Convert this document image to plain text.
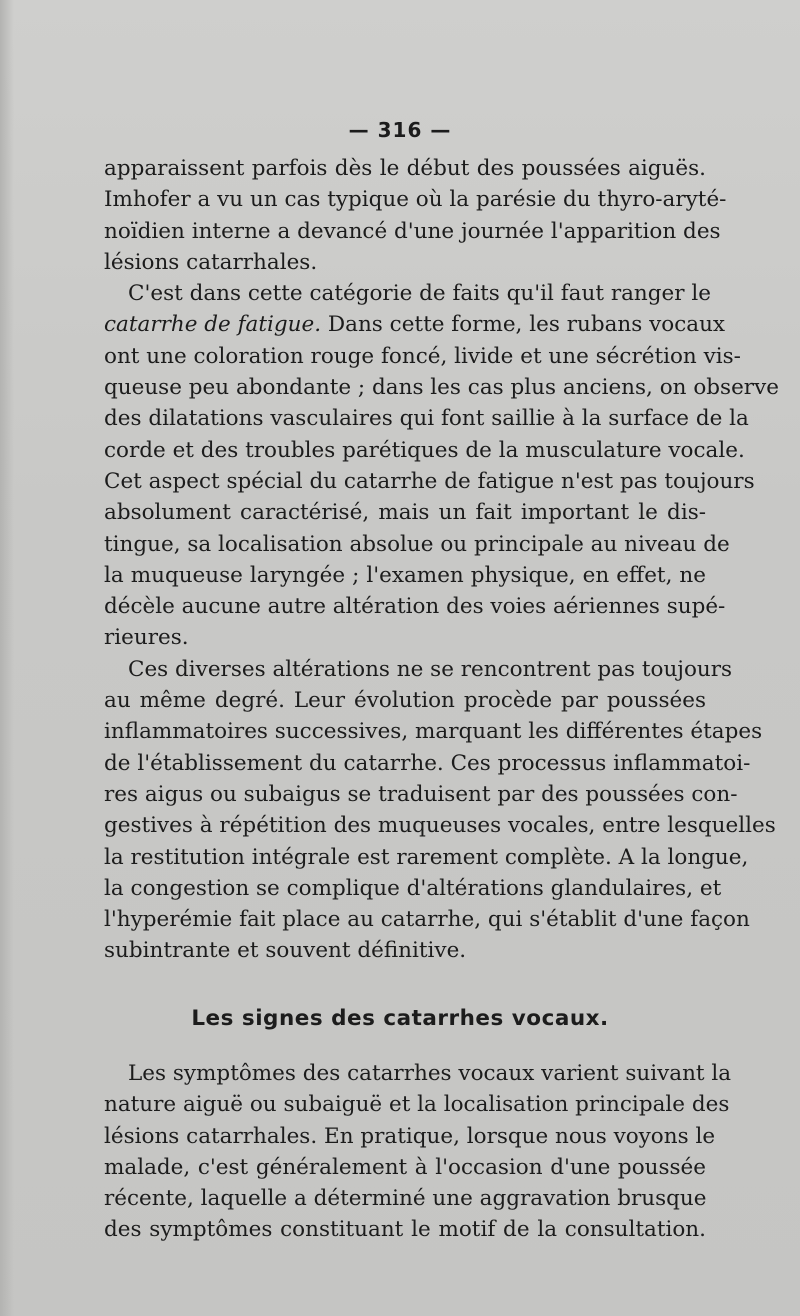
— 316 —

apparaissent parfois dès le début des poussées aiguës.
Imhofer a vu un cas typique où la parésie du thyro-aryté-
noïdien interne a devancé d'une journée l'apparition des
lésions catarrhales.

C'est dans cette catégorie de faits qu'il faut ranger le
catarrhe de fatigue. Dans cette forme, les rubans vocaux
ont une coloration rouge foncé, livide et une sécrétion vis-
queuse peu abondante ; dans les cas plus anciens, on observe
des dilatations vasculaires qui font saillie à la surface de la
corde et des troubles parétiques de la musculature vocale.
Cet aspect spécial du catarrhe de fatigue n'est pas toujours
absolument caractérisé, mais un fait important le dis-
tingue, sa localisation absolue ou principale au niveau de
la muqueuse laryngée ; l'examen physique, en effet, ne
décèle aucune autre altération des voies aériennes supé-
rieures.

Ces diverses altérations ne se rencontrent pas toujours
au même degré. Leur évolution procède par poussées
inflammatoires successives, marquant les différentes étapes
de l'établissement du catarrhe. Ces processus inflammatoi-
res aigus ou subaigus se traduisent par des poussées con-
gestives à répétition des muqueuses vocales, entre lesquelles
la restitution intégrale est rarement complète. A la longue,
la congestion se complique d'altérations glandulaires, et
l'hyperémie fait place au catarrhe, qui s'établit d'une façon
subintrante et souvent définitive.

Les signes des catarrhes vocaux.

Les symptômes des catarrhes vocaux varient suivant la
nature aiguë ou subaiguë et la localisation principale des
lésions catarrhales. En pratique, lorsque nous voyons le
malade, c'est généralement à l'occasion d'une poussée
récente, laquelle a déterminé une aggravation brusque
des symptômes constituant le motif de la consultation.
